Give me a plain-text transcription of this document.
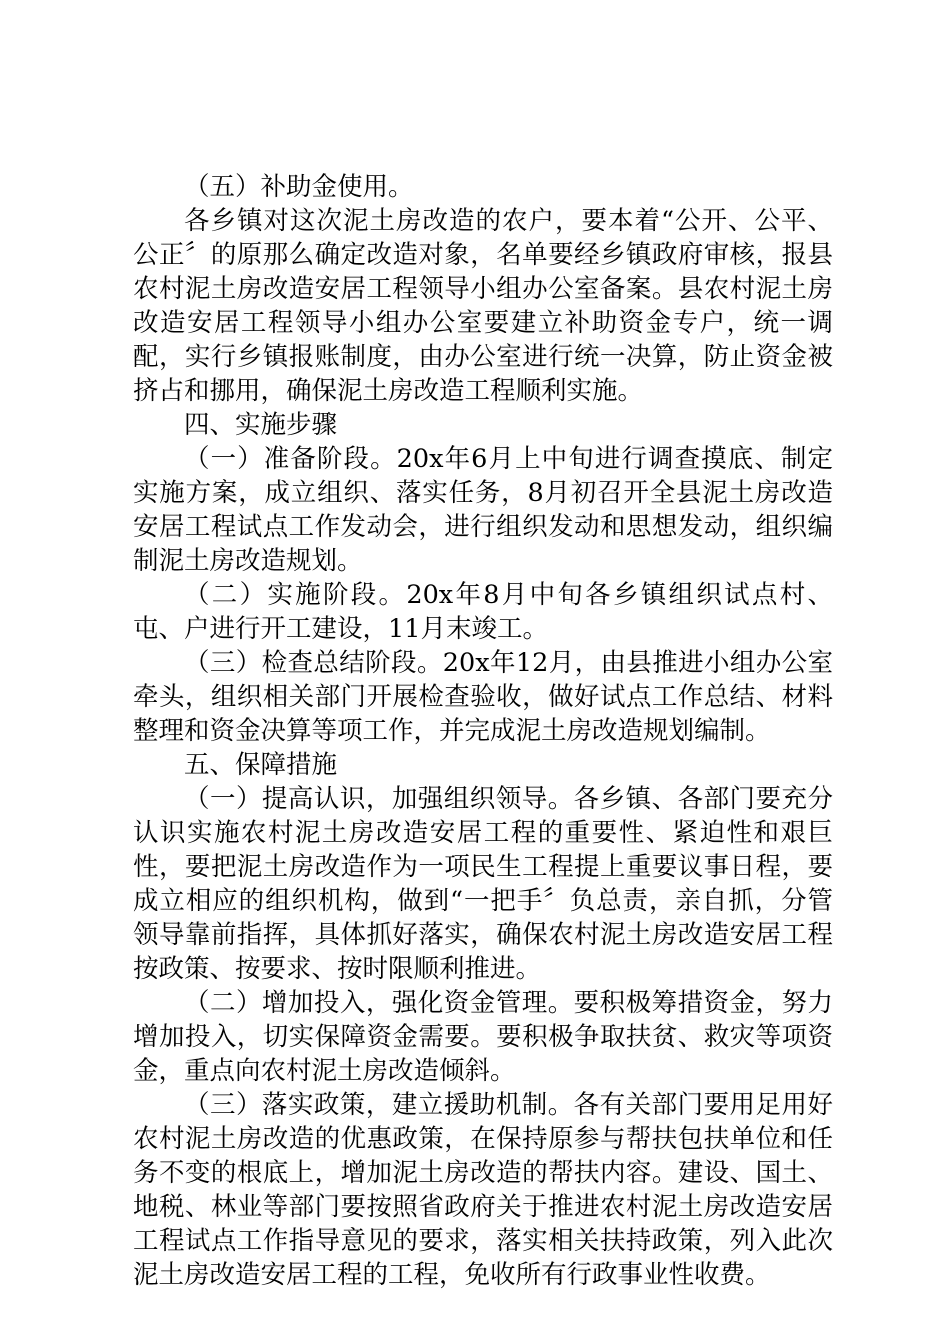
（五）补助金使用。

各乡镇对这次泥土房改造的农户，要本着“公开、公平、公正〞的原那么确定改造对象，名单要经乡镇政府审核，报县农村泥土房改造安居工程领导小组办公室备案。县农村泥土房改造安居工程领导小组办公室要建立补助资金专户，统一调配，实行乡镇报账制度，由办公室进行统一决算，防止资金被挤占和挪用，确保泥土房改造工程顺利实施。

四、实施步骤

（一）准备阶段。20x年6月上中旬进行调查摸底、制定实施方案，成立组织、落实任务，8月初召开全县泥土房改造安居工程试点工作发动会，进行组织发动和思想发动，组织编制泥土房改造规划。

（二）实施阶段。20x年8月中旬各乡镇组织试点村、屯、户进行开工建设，11月末竣工。

（三）检查总结阶段。20x年12月，由县推进小组办公室牵头，组织相关部门开展检查验收，做好试点工作总结、材料整理和资金决算等项工作，并完成泥土房改造规划编制。

五、保障措施

（一）提高认识，加强组织领导。各乡镇、各部门要充分认识实施农村泥土房改造安居工程的重要性、紧迫性和艰巨性，要把泥土房改造作为一项民生工程提上重要议事日程，要成立相应的组织机构，做到“一把手〞负总责，亲自抓，分管领导靠前指挥，具体抓好落实，确保农村泥土房改造安居工程按政策、按要求、按时限顺利推进。

（二）增加投入，强化资金管理。要积极筹措资金，努力增加投入，切实保障资金需要。要积极争取扶贫、救灾等项资金，重点向农村泥土房改造倾斜。

（三）落实政策，建立援助机制。各有关部门要用足用好农村泥土房改造的优惠政策，在保持原参与帮扶包扶单位和任务不变的根底上，增加泥土房改造的帮扶内容。建设、国土、地税、林业等部门要按照省政府关于推进农村泥土房改造安居工程试点工作指导意见的要求，落实相关扶持政策，列入此次泥土房改造安居工程的工程，免收所有行政事业性收费。
